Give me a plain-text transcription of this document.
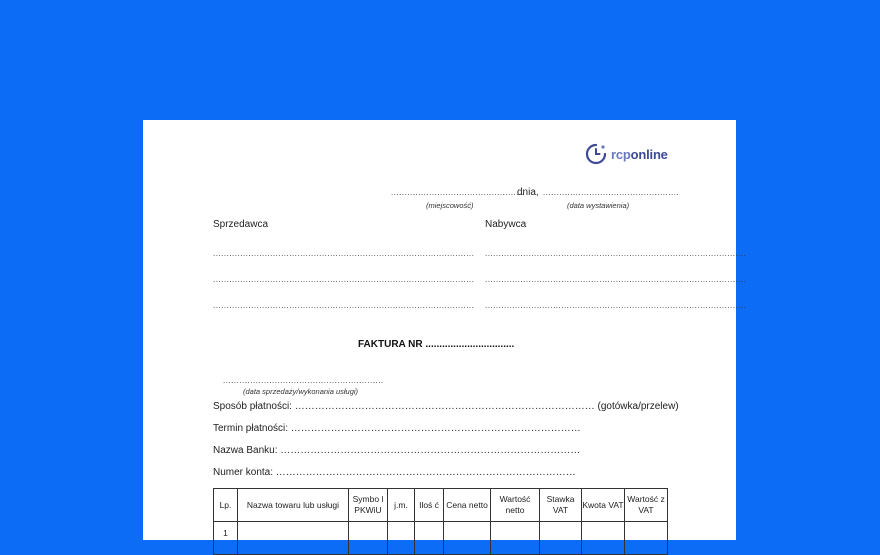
rcponline
.................................................
dnia, ..................................................
(miejscowość)	(data wystawienia)
Sprzedawca	Nabywca
................................................................................................
................................................................................................
................................................................................................
................................................................................................
................................................................................................
................................................................................................
FAKTURA NR ................................
...........................................................
(data sprzedaży/wykonania usługi)
Sposób płatności: ……………………………………………………………………………… (gotówka/przelew)
Termin płatności: ……………………………………………………………………………
Nazwa Banku: ………………………………………………………………………………
Numer konta: ………………………………………………………………………………
Lp.	Nazwa towaru lub usługi	Symbo l PKWiU	j.m.	Iloś ć	Cena netto	Wartość netto	Stawka VAT	Kwota VAT	Wartość z VAT
1									
